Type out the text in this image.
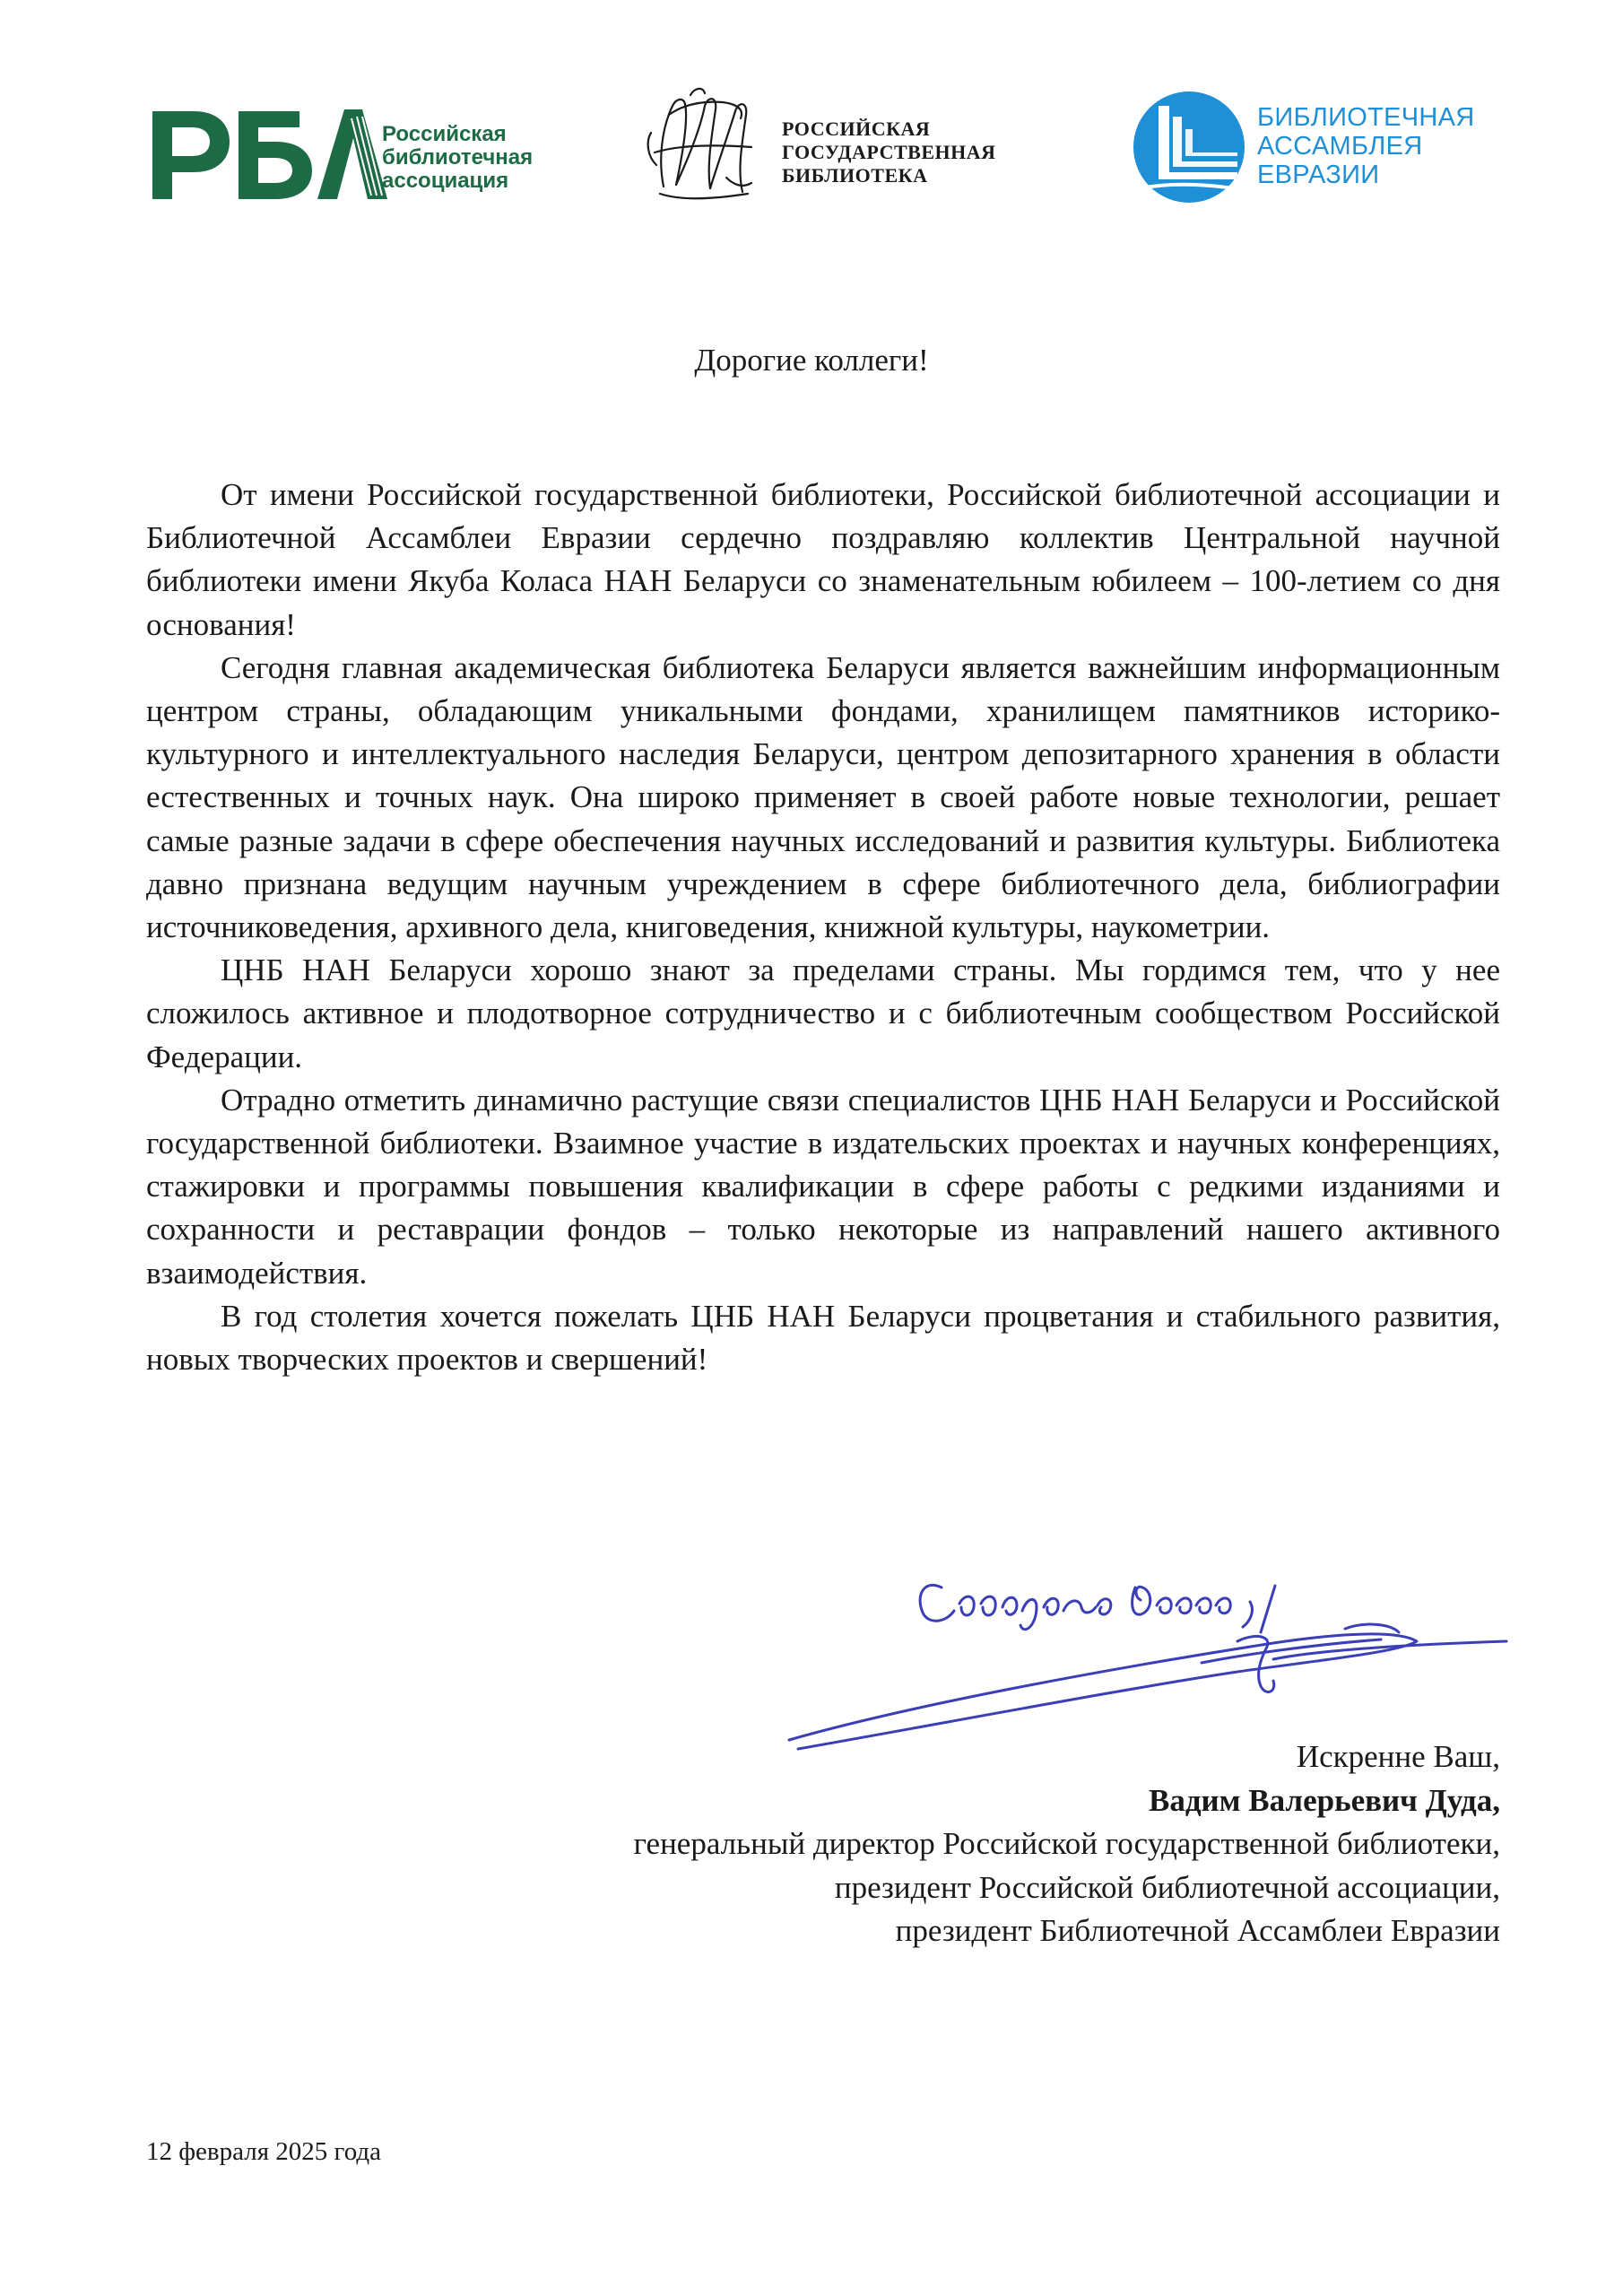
Российская
библиотечная
ассоциация
РОССИЙСКАЯ
ГОСУДАРСТВЕННАЯ
БИБЛИОТЕКА
БИБЛИОТЕЧНАЯ
АССАМБЛЕЯ
ЕВРАЗИИ
Дорогие коллеги!

От имени Российской государственной библиотеки, Российской библиотечной ассоциации и Библиотечной Ассамблеи Евразии сердечно поздравляю коллектив Центральной научной библиотеки имени Якуба Коласа НАН Беларуси со знаменательным юбилеем – 100-летием со дня основания!

Сегодня главная академическая библиотека Беларуси является важнейшим информационным центром страны, обладающим уникальными фондами, хранилищем памятников историко-культурного и интеллектуального наследия Беларуси, центром депозитарного хранения в области естественных и точных наук. Она широко применяет в своей работе новые технологии, решает самые разные задачи в сфере обеспечения научных исследований и развития культуры. Библиотека давно признана ведущим научным учреждением в сфере библиотечного дела, библиографии источниковедения, архивного дела, книговедения, книжной культуры, наукометрии.

ЦНБ НАН Беларуси хорошо знают за пределами страны. Мы гордимся тем, что у нее сложилось активное и плодотворное сотрудничество и с библиотечным сообществом Российской Федерации.

Отрадно отметить динамично растущие связи специалистов ЦНБ НАН Беларуси и Российской государственной библиотеки. Взаимное участие в издательских проектах и научных конференциях, стажировки и программы повышения квалификации в сфере работы с редкими изданиями и сохранности и реставрации фондов – только некоторые из направлений нашего активного взаимодействия.

В год столетия хочется пожелать ЦНБ НАН Беларуси процветания и стабильного развития, новых творческих проектов и свершений!

Искренне Ваш,
Вадим Валерьевич Дуда,
генеральный директор Российской государственной библиотеки,
президент Российской библиотечной ассоциации,
президент Библиотечной Ассамблеи Евразии
12 февраля 2025 года
